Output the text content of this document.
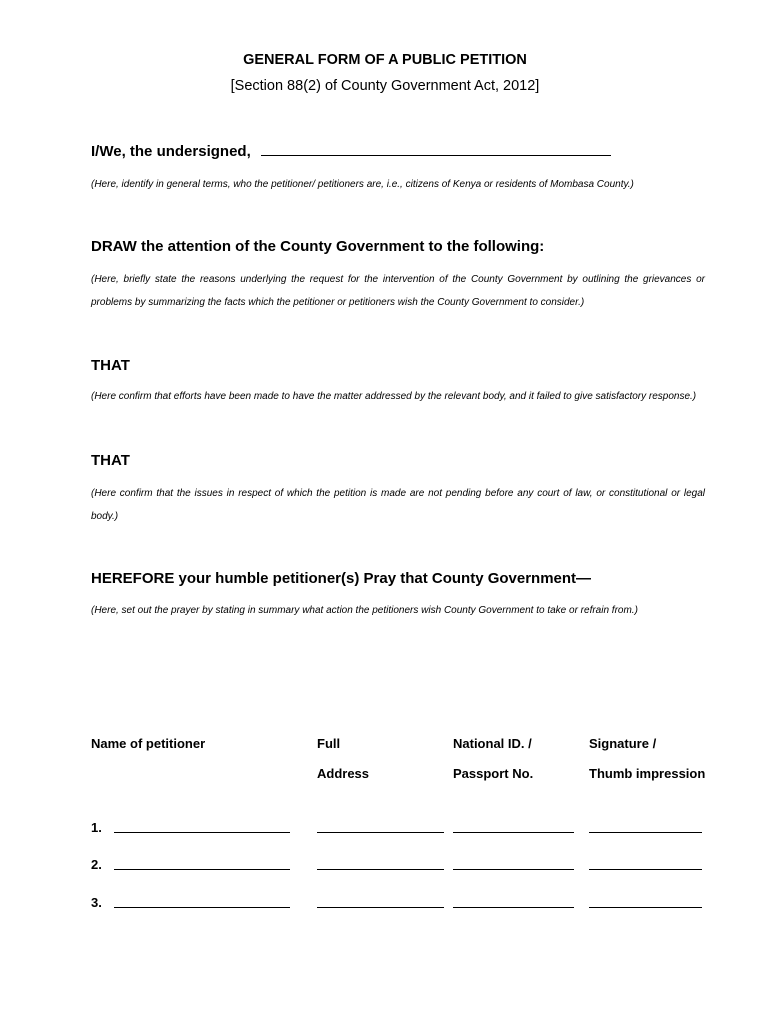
GENERAL FORM OF A PUBLIC PETITION
[Section 88(2) of County Government Act, 2012]
I/We, the undersigned,
(Here, identify in general terms, who the petitioner/ petitioners are, i.e., citizens of Kenya or residents of Mombasa County.)
DRAW the attention of the County Government to the following:
(Here, briefly state the reasons underlying the request for the intervention of the County Government by outlining the grievances or problems by summarizing the facts which the petitioner or petitioners wish the County Government to consider.)
THAT
(Here confirm that efforts have been made to have the matter addressed by the relevant body, and it failed to give satisfactory response.)
THAT
(Here confirm that the issues in respect of which the petition is made are not pending before any court of law, or constitutional or legal body.)
HEREFORE your humble petitioner(s) Pray that County Government—
(Here, set out the prayer by stating in summary what action the petitioners wish County Government to take or refrain from.)
Name of petitioner	Full
Address
National ID. /
Passport No.
Signature /
Thumb impression
1.
2.
3.
